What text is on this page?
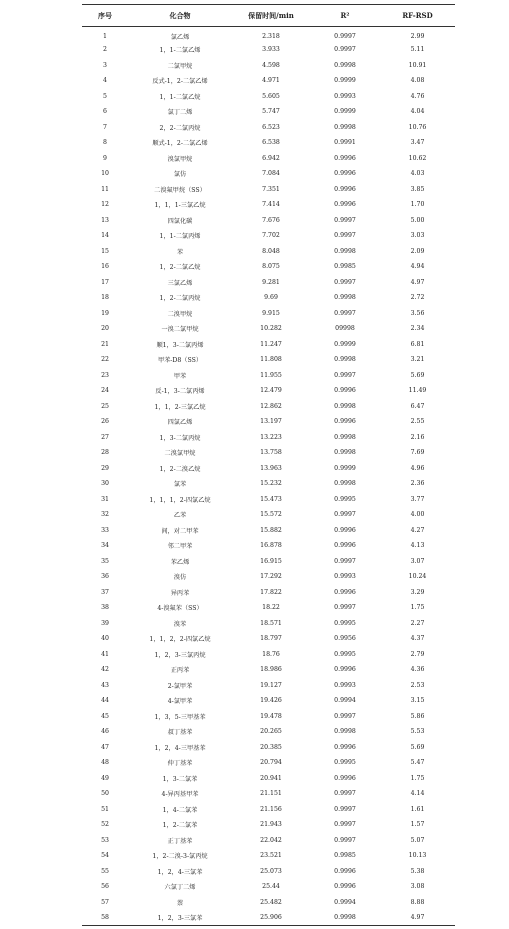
序号	化合物	保留时间/min	R²	RF-RSD
1	氯乙烯	2.318	0.9997	2.99
2	1，1-二氯乙烯	3.933	0.9997	5.11
3	二氯甲烷	4.598	0.9998	10.91
4	反式-1，2-二氯乙烯	4.971	0.9999	4.08
5	1，1-二氯乙烷	5.605	0.9993	4.76
6	氯丁二烯	5.747	0.9999	4.04
7	2，2-二氯丙烷	6.523	0.9998	10.76
8	顺式-1，2-二氯乙烯	6.538	0.9991	3.47
9	溴氯甲烷	6.942	0.9996	10.62
10	氯仿	7.084	0.9996	4.03
11	二溴氟甲烷（SS）	7.351	0.9996	3.85
12	1，1，1-三氯乙烷	7.414	0.9996	1.70
13	四氯化碳	7.676	0.9997	5.00
14	1，1-二氯丙烯	7.702	0.9997	3.03
15	苯	8.048	0.9998	2.09
16	1，2-二氯乙烷	8.075	0.9985	4.94
17	三氯乙烯	9.281	0.9997	4.97
18	1，2-二氯丙烷	9.69	0.9998	2.72
19	二溴甲烷	9.915	0.9997	3.56
20	一溴二氯甲烷	10.282	09998	2.34
21	顺1，3-二氯丙烯	11.247	0.9999	6.81
22	甲苯-D8（SS）	11.808	0.9998	3.21
23	甲苯	11.955	0.9997	5.69
24	反-1，3-二氯丙烯	12.479	0.9996	11.49
25	1，1，2-三氯乙烷	12.862	0.9998	6.47
26	四氯乙烯	13.197	0.9996	2.55
27	1，3-二氯丙烷	13.223	0.9998	2.16
28	二溴氯甲烷	13.758	0.9998	7.69
29	1，2-二溴乙烷	13.963	0.9999	4.96
30	氯苯	15.232	0.9998	2.36
31	1，1，1，2-四氯乙烷	15.473	0.9995	3.77
32	乙苯	15.572	0.9997	4.00
33	间，对二甲苯	15.882	0.9996	4.27
34	邻二甲苯	16.878	0.9996	4.13
35	苯乙烯	16.915	0.9997	3.07
36	溴仿	17.292	0.9993	10.24
37	异丙苯	17.822	0.9996	3.29
38	4-溴氟苯（SS）	18.22	0.9997	1.75
39	溴苯	18.571	0.9995	2.27
40	1，1，2，2-四氯乙烷	18.797	0.9956	4.37
41	1，2，3-三氯丙烷	18.76	0.9995	2.79
42	正丙苯	18.986	0.9996	4.36
43	2-氯甲苯	19.127	0.9993	2.53
44	4-氯甲苯	19.426	0.9994	3.15
45	1，3，5-三甲基苯	19.478	0.9997	5.86
46	叔丁基苯	20.265	0.9998	5.53
47	1，2，4-三甲基苯	20.385	0.9996	5.69
48	仲丁基苯	20.794	0.9995	5.47
49	1，3-二氯苯	20.941	0.9996	1.75
50	4-异丙基甲苯	21.151	0.9997	4.14
51	1，4-二氯苯	21.156	0.9997	1.61
52	1，2-二氯苯	21.943	0.9997	1.57
53	正丁基苯	22.042	0.9997	5.07
54	1，2-二溴-3-氯丙烷	23.521	0.9985	10.13
55	1，2，4-三氯苯	25.073	0.9996	5.38
56	六氯丁二烯	25.44	0.9996	3.08
57	萘	25.482	0.9994	8.88
58	1，2，3-三氯苯	25.906	0.9998	4.97
